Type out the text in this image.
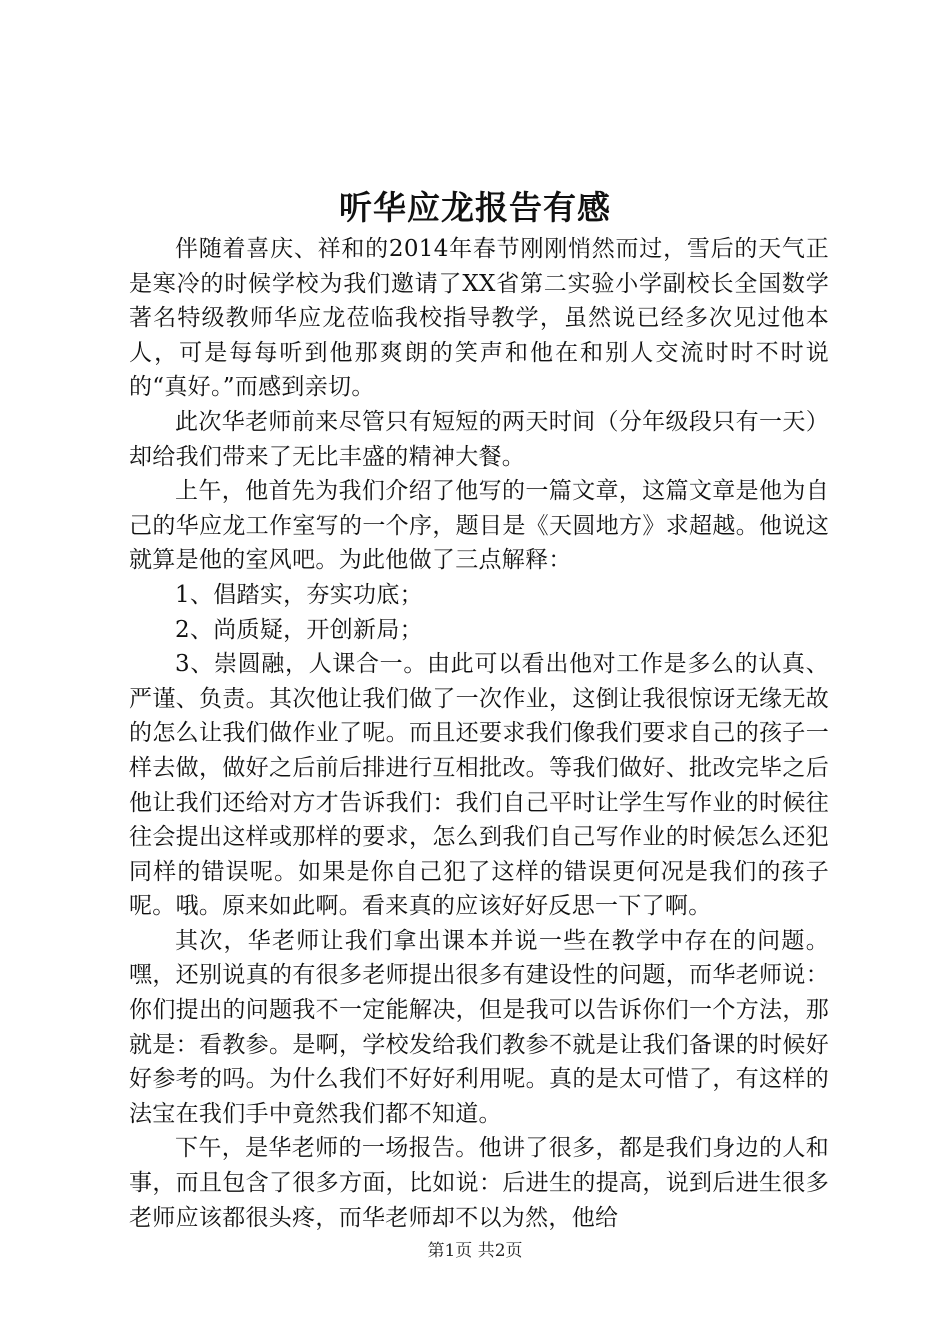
听华应龙报告有感

伴随着喜庆、祥和的2014年春节刚刚悄然而过，雪后的天气正是寒冷的时候学校为我们邀请了XX省第二实验小学副校长全国数学著名特级教师华应龙莅临我校指导教学，虽然说已经多次见过他本人，可是每每听到他那爽朗的笑声和他在和别人交流时时不时说的“真好。”而感到亲切。

此次华老师前来尽管只有短短的两天时间（分年级段只有一天）却给我们带来了无比丰盛的精神大餐。

上午，他首先为我们介绍了他写的一篇文章，这篇文章是他为自己的华应龙工作室写的一个序，题目是《天圆地方》求超越。他说这就算是他的室风吧。为此他做了三点解释：

1、倡踏实，夯实功底；

2、尚质疑，开创新局；

3、崇圆融，人课合一。由此可以看出他对工作是多么的认真、严谨、负责。其次他让我们做了一次作业，这倒让我很惊讶无缘无故的怎么让我们做作业了呢。而且还要求我们像我们要求自己的孩子一样去做，做好之后前后排进行互相批改。等我们做好、批改完毕之后他让我们还给对方才告诉我们：我们自己平时让学生写作业的时候往往会提出这样或那样的要求，怎么到我们自己写作业的时候怎么还犯同样的错误呢。如果是你自己犯了这样的错误更何况是我们的孩子呢。哦。原来如此啊。看来真的应该好好反思一下了啊。

其次，华老师让我们拿出课本并说一些在教学中存在的问题。嘿，还别说真的有很多老师提出很多有建设性的问题，而华老师说：你们提出的问题我不一定能解决，但是我可以告诉你们一个方法，那就是：看教参。是啊，学校发给我们教参不就是让我们备课的时候好好参考的吗。为什么我们不好好利用呢。真的是太可惜了，有这样的法宝在我们手中竟然我们都不知道。

下午，是华老师的一场报告。他讲了很多，都是我们身边的人和事，而且包含了很多方面，比如说：后进生的提高，说到后进生很多老师应该都很头疼，而华老师却不以为然，他给

第1页 共2页
